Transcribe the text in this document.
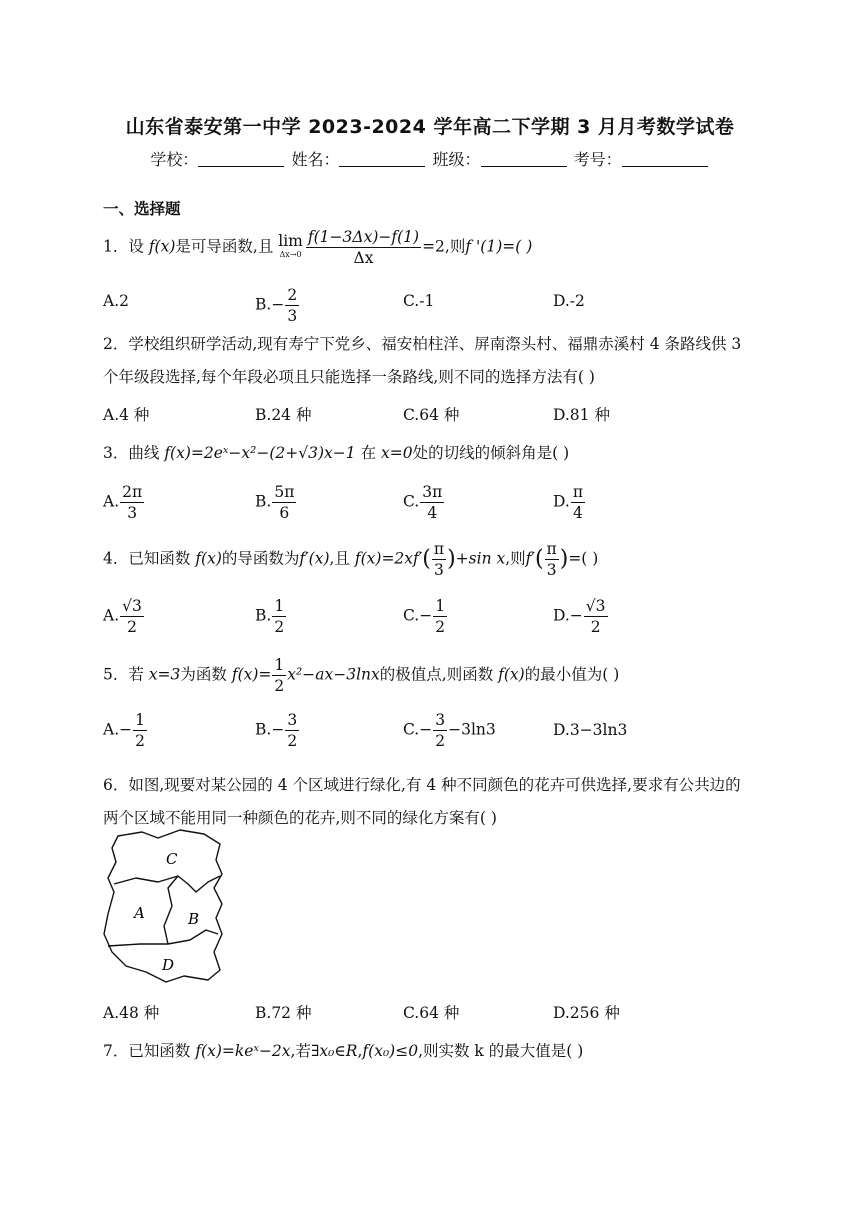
山东省泰安第一中学 2023-2024 学年高二下学期 3 月月考数学试卷
学校：	姓名：	班级：	考号：
一、选择题
1．设 f(x)是可导函数,且 lim
$\Delta x\to 0 \frac{f(1-3\Delta x)-f(1)}{\Delta x} =2$,则f '(1)=( )
A.2	$B.- \frac{2}{3}$	C.-1	D.-2
2．学校组织研学活动,现有寿宁下党乡、福安柏柱洋、屏南漈头村、福鼎赤溪村 4 条路线供 3 个年级段选择,每个年段必项且只能选择一条路线,则不同的选择方法有( )
A.4 种	B.24 种	C.64 种	D.81 种
3．曲线 f(x)=2eˣ−x²−(2+√3)x−1 在 x=0处的切线的倾斜角是( )
A. $\frac{2\pi}{3}$	B. $\frac{5\pi}{6}$	C. $\frac{3\pi}{4}$	D. $\frac{\pi}{4}$
4．已知函数 f(x)的导函数为f′(x),且 $f(x)=2xf'( \frac{\pi}{3} )+\sin$ x,则$f'( \frac{\pi}{3}$ )=( )
A. $\frac{√3}{2}$	B. $\frac{1}{2}$	$C.- \frac{1}{2}$	$D.- \frac{√3}{2}$
5．若 x=3为函数 $f(x)= \frac{1}{2} x^2-ax-3\ln x$的极值点,则函数 f(x)的最小值为( )
$A.- \frac{1}{2}$	$B.- \frac{3}{2}$	$C.- \frac{3}{2} -3\ln 3$	D.3−3ln3
6．如图,现要对某公园的 4 个区域进行绿化,有 4 种不同颜色的花卉可供选择,要求有公共边的两个区域不能用同一种颜色的花卉,则不同的绿化方案有( )
C
A	B
D
A.48 种	B.72 种	C.64 种	D.256 种
7．已知函数 f(x)=keˣ−2x,若∃x₀∈R,f(x₀)≤0,则实数 k 的最大值是( )
